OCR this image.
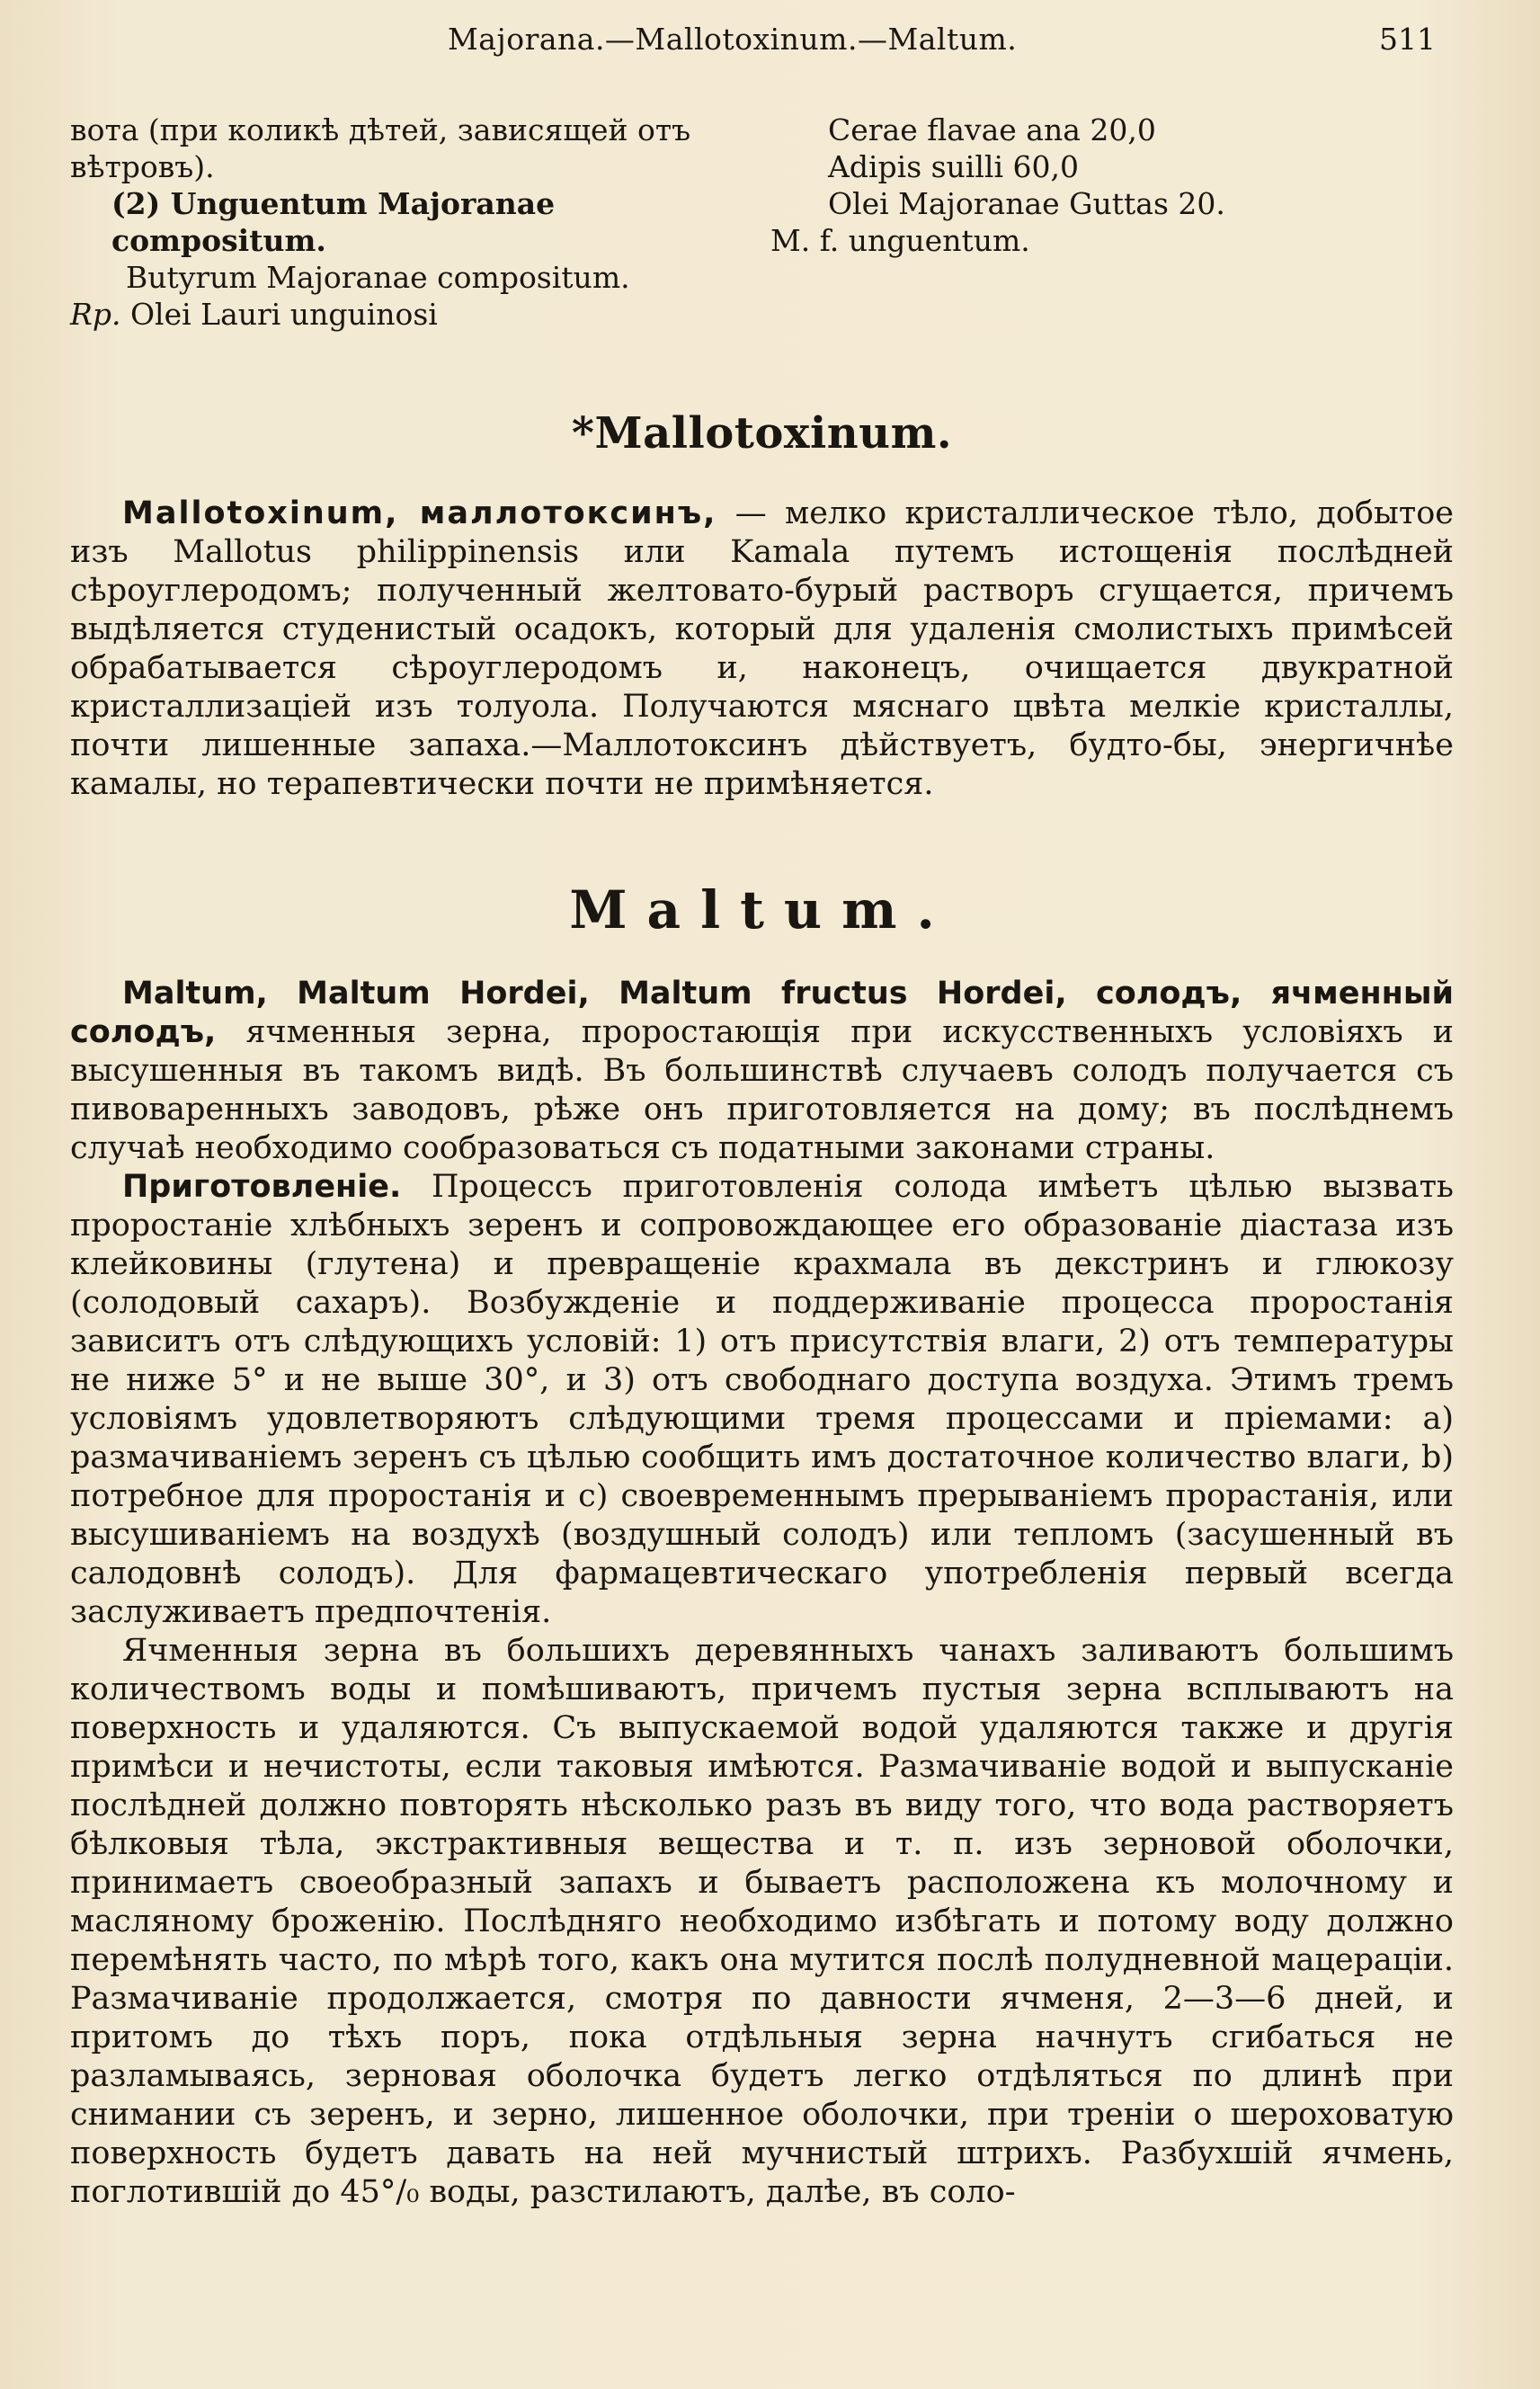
Majorana.—Mallotoxinum.—Maltum.	511
вота (при коликѣ дѣтей, зависящей отъ
вѣтровъ).
(2) Unguentum Majoranae compositum.
Butyrum Majoranae compositum.
Rp. Olei Lauri unguinosi
Cerae flavae ana 20,0
Adipis suilli 60,0
Olei Majoranae Guttas 20.
M. f. unguentum.
*Mallotoxinum.

Mallotoxinum, маллотоксинъ, — мелко кристаллическое тѣло, добытое изъ Mallotus philippinensis или Kamala путемъ истощенія послѣдней сѣроуглеродомъ; полученный желтовато-бурый растворъ сгущается, причемъ выдѣляется студенистый осадокъ, который для удаленія смолистыхъ примѣсей обрабатывается сѣроуглеродомъ и, наконецъ, очищается двукратной кристаллизаціей изъ толуола. Получаются мяснаго цвѣта мелкіе кристаллы, почти лишенные запаха.—Маллотоксинъ дѣйствуетъ, будто-бы, энергичнѣе камалы, но терапевтически почти не примѣняется.

Maltum.

Maltum, Maltum Hordei, Maltum fructus Hordei, солодъ, ячменный солодъ, ячменныя зерна, проростающія при искусственныхъ условіяхъ и высушенныя въ такомъ видѣ. Въ большинствѣ случаевъ солодъ получается съ пивоваренныхъ заводовъ, рѣже онъ приготовляется на дому; въ послѣднемъ случаѣ необходимо сообразоваться съ податными законами страны.

Приготовленіе. Процессъ приготовленія солода имѣетъ цѣлью вызвать проростаніе хлѣбныхъ зеренъ и сопровождающее его образованіе діастаза изъ клейковины (глутена) и превращеніе крахмала въ декстринъ и глюкозу (солодовый сахаръ). Возбужденіе и поддерживаніе процесса проростанія зависитъ отъ слѣдующихъ условій: 1) отъ присутствія влаги, 2) отъ температуры не ниже 5° и не выше 30°, и 3) отъ свободнаго доступа воздуха. Этимъ тремъ условіямъ удовлетворяютъ слѣдующими тремя процессами и пріемами: a) размачиваніемъ зеренъ съ цѣлью сообщить имъ достаточное количество влаги, b) потребное для проростанія и c) своевременнымъ прерываніемъ прорастанія, или высушиваніемъ на воздухѣ (воздушный солодъ) или тепломъ (засушенный въ салодовнѣ солодъ). Для фармацевтическаго употребленія первый всегда заслуживаетъ предпочтенія.

Ячменныя зерна въ большихъ деревянныхъ чанахъ заливаютъ большимъ количествомъ воды и помѣшиваютъ, причемъ пустыя зерна всплываютъ на поверхность и удаляются. Съ выпускаемой водой удаляются также и другія примѣси и нечистоты, если таковыя имѣются. Размачиваніе водой и выпусканіе послѣдней должно повторять нѣсколько разъ въ виду того, что вода растворяетъ бѣлковыя тѣла, экстрактивныя вещества и т. п. изъ зерновой оболочки, принимаетъ своеобразный запахъ и бываетъ расположена къ молочному и масляному броженію. Послѣдняго необходимо избѣгать и потому воду должно перемѣнять часто, по мѣрѣ того, какъ она мутится послѣ полудневной мацераціи. Размачиваніе продолжается, смотря по давности ячменя, 2—3—6 дней, и притомъ до тѣхъ поръ, пока отдѣльныя зерна начнутъ сгибаться не разламываясь, зерновая оболочка будетъ легко отдѣляться по длинѣ при снимании съ зеренъ, и зерно, лишенное оболочки, при треніи о шероховатую поверхность будетъ давать на ней мучнистый штрихъ. Разбухшій ячмень, поглотившій до 45°/₀ воды, разстилаютъ, далѣе, въ соло-
